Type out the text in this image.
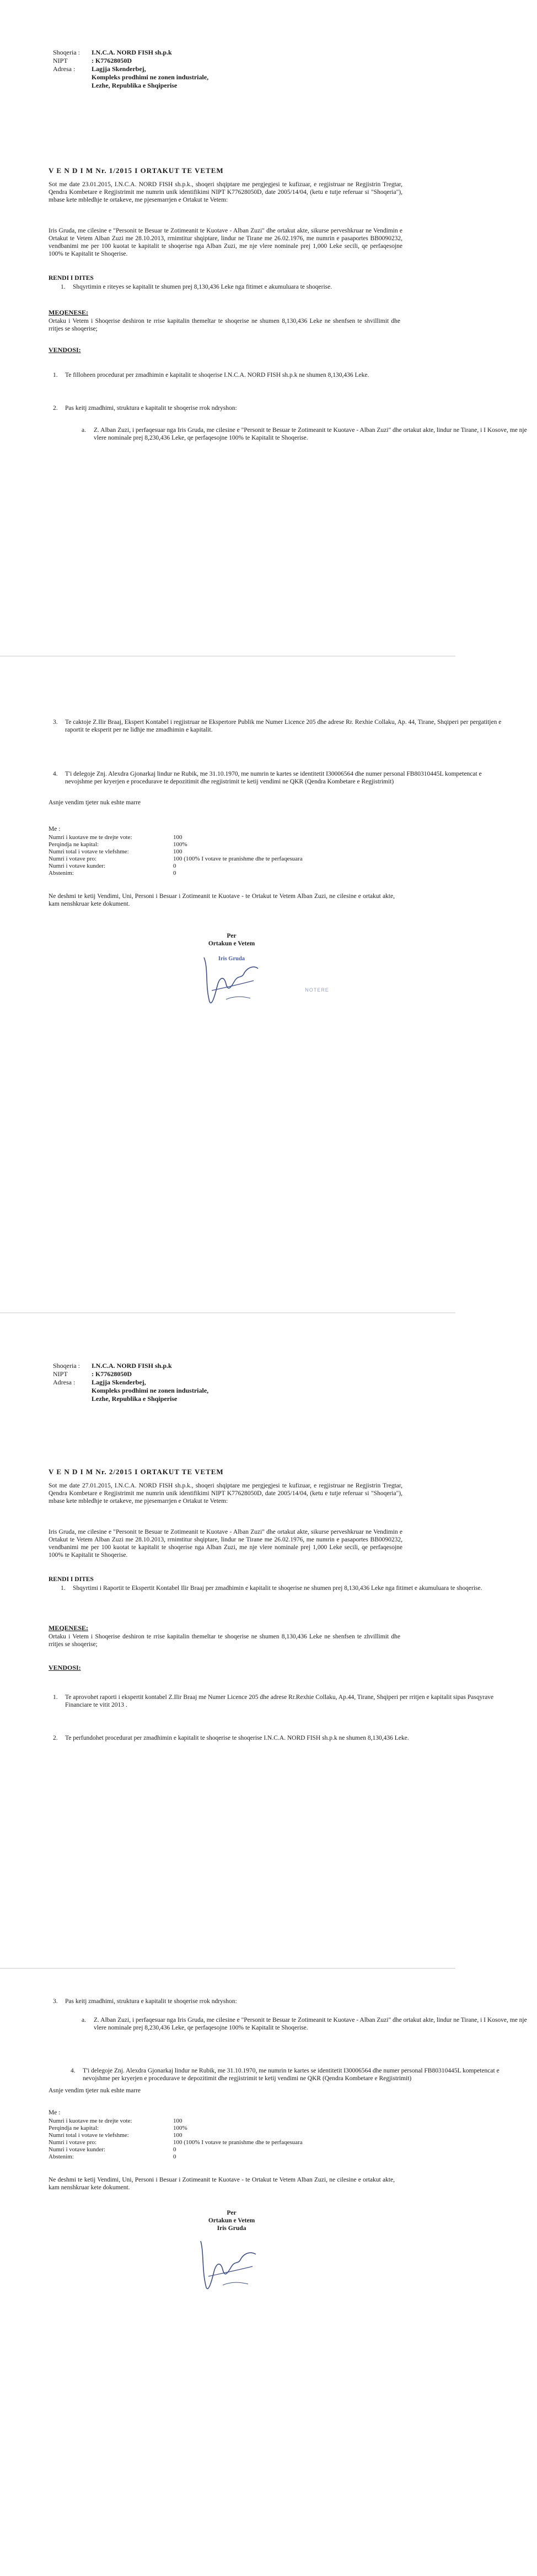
Shoqeria :	I.N.C.A. NORD FISH sh.p.k
NIPT	: K77628050D
Adresa :	Lagjja Skenderbej,
Kompleks prodhimi ne zonen industriale,
Lezhe, Republika e Shqiperise
V E N D I M Nr. 1/2015 I ORTAKUT TE VETEM
Sot me date 23.01.2015, I.N.C.A. NORD FISH sh.p.k., shoqeri shqiptare me pergjegjesi te kufizuar, e regjistruar ne Regjistrin Tregtar, Qendra Kombetare e Regjistrimit me numrin unik identifikimi NIPT K77628050D, date 2005/14/04, (ketu e tutje referuar si "Shoqeria"), mbase kete mbledhje te ortakeve, me pjesemarrjen e Ortakut te Vetem:
Iris Gruda, me cilesine e "Personit te Besuar te Zotimeanit te Kuotave - Alban Zuzi" dhe ortakut akte, sikurse perveshkruar ne Vendimin e Ortakut te Vetem Alban Zuzi me 28.10.2013, rrnimtitur shqiptare, lindur ne Tirane me 26.02.1976, me numrin e pasaportes BB0090232, vendbanimi me per 100 kuotat te kapitalit te shoqerise nga Alban Zuzi, me nje vlere nominale prej 1,000 Leke secili, qe perfaqesojne 100% te Kapitalit te Shoqerise.
RENDI I DITES
1. Shqyrtimin e riteyes se kapitalit te shumen prej 8,130,436 Leke nga fitimet e akumuluara te shoqerise.
MEQENESE:
Ortaku i Vetem i Shoqerise deshiron te rrise kapitalin themeltar te shoqerise ne shumen 8,130,436 Leke ne shenfsen te shvillimit dhe rritjes se shoqerise;
VENDOSI:
1. Te filloheen procedurat per zmadhimin e kapitalit te shoqerise I.N.C.A. NORD FISH sh.p.k ne shumen 8,130,436 Leke.
2. Pas keitj zmadhimi, struktura e kapitalit te shoqerise rrok ndryshon:
a. Z. Alban Zuzi, i perfaqesuar nga Iris Gruda, me cilesine e "Personit te Besuar te Zotimeanit te Kuotave - Alban Zuzi" dhe ortakut akte, lindur ne Tirane, i I Kosove, me nje vlere nominale prej 8,230,436 Leke, qe perfaqesojne 100% te Kapitalit te Shoqerise.
3. Te caktoje Z.Ilir Braaj, Ekspert Kontabel i regjistruar ne Ekspertore Publik me Numer Licence 205 dhe adrese Rr. Rexhie Collaku, Ap. 44, Tirane, Shqiperi per pergatitjen e raportit te eksperit per ne lidhje me zmadhimin e kapitalit.
4. T'i delegoje Znj. Alexdra Gjonarkaj lindur ne Rubik, me 31.10.1970, me numrin te kartes se identitetit I30006564 dhe numer personal FB80310445L kompetencat e nevojshme per kryerjen e procedurave te depozitimit dhe regjistrimit te ketij vendimi ne QKR (Qendra Kombetare e Regjistrimit)
Asnje vendim tjeter nuk eshte marre
Me :
Numri i kuotave me te drejte vote:	100
Perqindja ne kapital:	100%
Numri total i votave te vlefshme:	100
Numri i votave pro:	100 (100% I votave te pranishme dhe te perfaqesuara
Numri i votave kunder:	0
Abstenim:	0
Ne deshmi te ketij Vendimi, Uni, Personi i Besuar i Zotimeanit te Kuotave - te Ortakut te Vetem Alban Zuzi, ne cilesine e ortakut akte, kam nenshkruar kete dokument.
Per
Ortakun e Vetem
Iris Gruda
NOTERE
Shoqeria :	I.N.C.A. NORD FISH sh.p.k
NIPT	: K77628050D
Adresa :	Lagjja Skenderbej,
Kompleks prodhimi ne zonen industriale,
Lezhe, Republika e Shqiperise
V E N D I M Nr. 2/2015 I ORTAKUT TE VETEM
Sot me date 27.01.2015, I.N.C.A. NORD FISH sh.p.k., shoqeri shqiptare me pergjegjesi te kufizuar, e regjistruar ne Regjistrin Tregtar, Qendra Kombetare e Regjistrimit me numrin unik identifikimi NIPT K77628050D, date 2005/14/04, (ketu e tutje referuar si "Shoqeria"), mbase kete mbledhje te ortakeve, me pjesemarrjen e Ortakut te Vetem:
Iris Gruda, me cilesine e "Personit te Besuar te Zotimeanit te Kuotave - Alban Zuzi" dhe ortakut akte, sikurse perveshkruar ne Vendimin e Ortakut te Vetem Alban Zuzi me 28.10.2013, rrnimtitur shqiptare, lindur ne Tirane me 26.02.1976, me numrin e pasaportes BB0090232, vendbanimi me per 100 kuotat te kapitalit te shoqerise nga Alban Zuzi, me nje vlere nominale prej 1,000 Leke secili, qe perfaqesojne 100% te Kapitalit te Shoqerise.
RENDI I DITES
1. Shqyrtimi i Raportit te Ekspertit Kontabel Ilir Braaj per zmadhimin e kapitalit te shoqerise ne shumen prej 8,130,436 Leke nga fitimet e akumuluara te shoqerise.
MEQENESE:
Ortaku i Vetem i Shoqerise deshiron te rrise kapitalin themeltar te shoqerise ne shumen 8,130,436 Leke ne shenfsen te zhvillimit dhe rritjes se shoqerise;
VENDOSI:
1. Te aprovohet raporti i ekspertit kontabel Z.Ilir Braaj me Numer Licence 205 dhe adrese Rr.Rexhie Collaku, Ap.44, Tirane, Shqiperi per rritjen e kapitalit sipas Pasqyrave Financiare te vitit 2013 .
2. Te perfundohet procedurat per zmadhimin e kapitalit te shoqerise te shoqerise I.N.C.A. NORD FISH sh.p.k ne shumen 8,130,436 Leke.
3. Pas keitj zmadhimi, struktura e kapitalit te shoqerise rrok ndryshon:
a. Z. Alban Zuzi, i perfaqesuar nga Iris Gruda, me cilesine e "Personit te Besuar te Zotimeanit te Kuotave - Alban Zuzi" dhe ortakut akte, lindur ne Tirane, i I Kosove, me nje vlere nominale prej 8,230,436 Leke, qe perfaqesojne 100% te Kapitalit te Shoqerise.
4. T'i delegoje Znj. Alexdra Gjonarkaj lindur ne Rubik, me 31.10.1970, me numrin te kartes se identitetit I30006564 dhe numer personal FB80310445L kompetencat e nevojshme per kryerjen e procedurave te depozitimit dhe regjistrimit te ketij vendimi ne QKR (Qendra Kombetare e Regjistrimit)
Asnje vendim tjeter nuk eshte marre
Me :
Numri i kuotave me te drejte vote:	100
Perqindja ne kapital:	100%
Numri total i votave te vlefshme:	100
Numri i votave pro:	100 (100% I votave te pranishme dhe te perfaqesuara
Numri i votave kunder:	0
Abstenim:	0
Ne deshmi te ketij Vendimi, Uni, Personi i Besuar i Zotimeanit te Kuotave - te Ortakut te Vetem Alban Zuzi, ne cilesine e ortakut akte, kam nenshkruar kete dokument.
Per
Ortakun e Vetem
Iris Gruda
